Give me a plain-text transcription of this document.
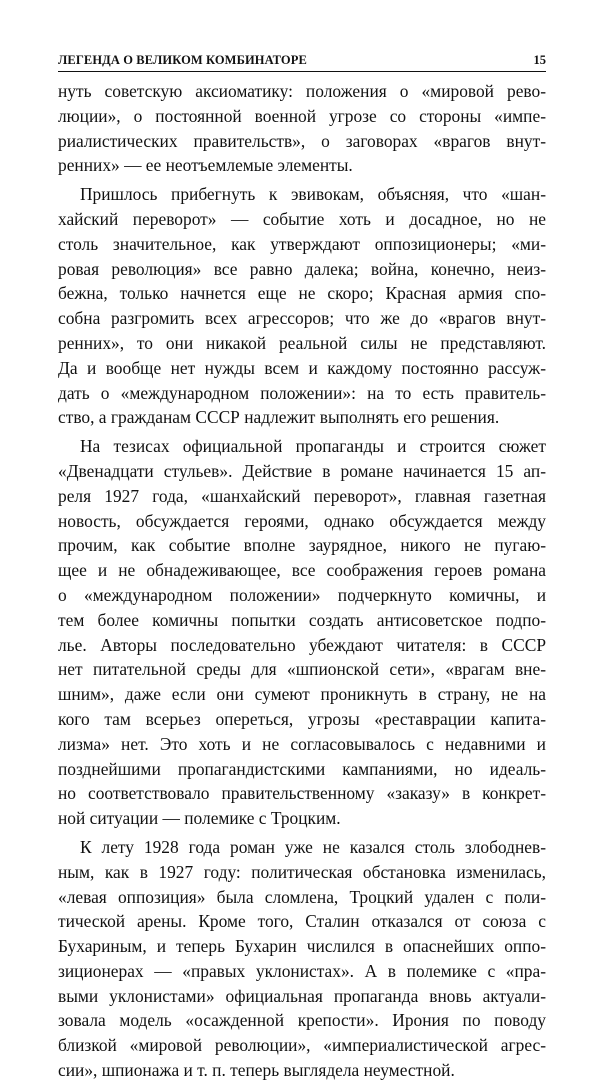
ЛЕГЕНДА О ВЕЛИКОМ КОМБИНАТОРЕ	15
нуть советскую аксиоматику: положения о «мировой рево-
люции», о постоянной военной угрозе со стороны «импе-
риалистических правительств», о заговорах «врагов внут-
ренних» — ее неотъемлемые элементы.
Пришлось прибегнуть к эвивокам, объясняя, что «шан-
хайский переворот» — событие хоть и досадное, но не
столь значительное, как утверждают оппозиционеры; «ми-
ровая революция» все равно далека; война, конечно, неиз-
бежна, только начнется еще не скоро; Красная армия спо-
собна разгромить всех агрессоров; что же до «врагов внут-
ренних», то они никакой реальной силы не представляют.
Да и вообще нет нужды всем и каждому постоянно рассуж-
дать о «международном положении»: на то есть правитель-
ство, а гражданам СССР надлежит выполнять его решения.
На тезисах официальной пропаганды и строится сюжет
«Двенадцати стульев». Действие в романе начинается 15 ап-
реля 1927 года, «шанхайский переворот», главная газетная
новость, обсуждается героями, однако обсуждается между
прочим, как событие вполне заурядное, никого не пугаю-
щее и не обнадеживающее, все соображения героев романа
о «международном положении» подчеркнуто комичны, и
тем более комичны попытки создать антисоветское подпо-
лье. Авторы последовательно убеждают читателя: в СССР
нет питательной среды для «шпионской сети», «врагам вне-
шним», даже если они сумеют проникнуть в страну, не на
кого там всерьез опереться, угрозы «реставрации капита-
лизма» нет. Это хоть и не согласовывалось с недавними и
позднейшими пропагандистскими кампаниями, но идеаль-
но соответствовало правительственному «заказу» в конкрет-
ной ситуации — полемике с Троцким.
К лету 1928 года роман уже не казался столь злободнев-
ным, как в 1927 году: политическая обстановка изменилась,
«левая оппозиция» была сломлена, Троцкий удален с поли-
тической арены. Кроме того, Сталин отказался от союза с
Бухариным, и теперь Бухарин числился в опаснейших оппо-
зиционерах — «правых уклонистах». А в полемике с «пра-
выми уклонистами» официальная пропаганда вновь актуали-
зовала модель «осажденной крепости». Ирония по поводу
близкой «мировой революции», «империалистической агрес-
сии», шпионажа и т. п. теперь выглядела неуместной.
